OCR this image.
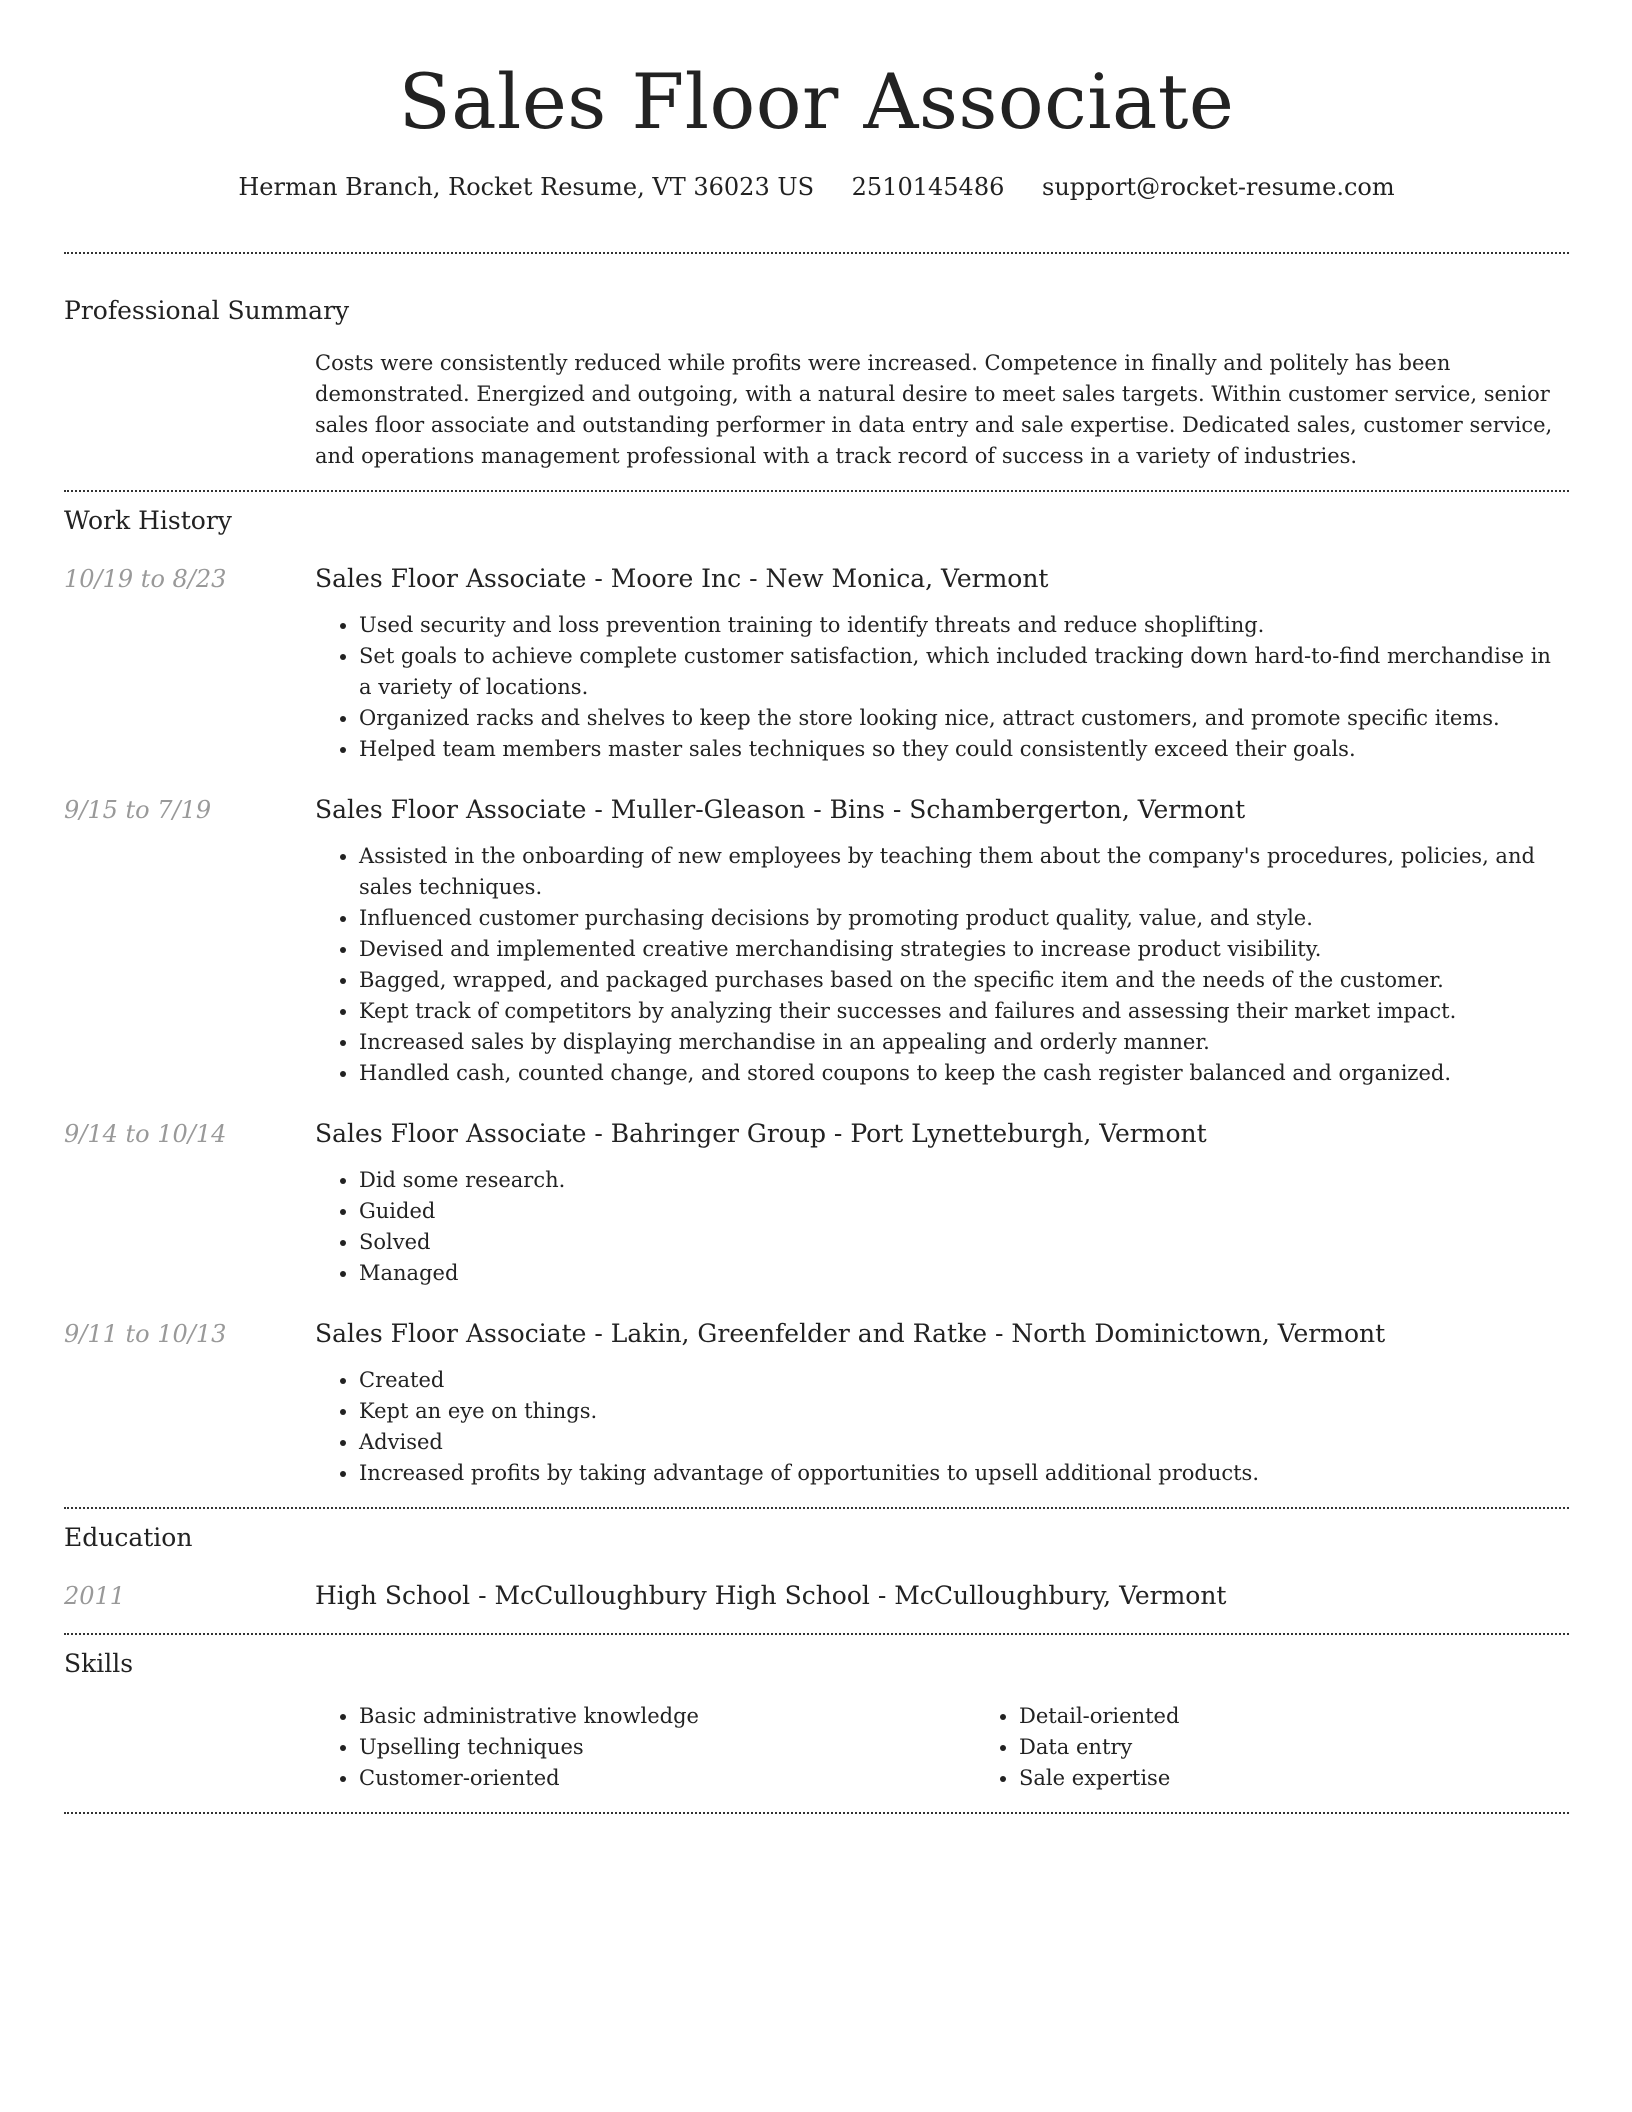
Sales Floor Associate
Herman Branch, Rocket Resume, VT 36023 US 2510145486 support@rocket-resume.com
Professional Summary

Costs were consistently reduced while profits were increased. Competence in finally and politely has been demonstrated. Energized and outgoing, with a natural desire to meet sales targets. Within customer service, senior sales floor associate and outstanding performer in data entry and sale expertise. Dedicated sales, customer service, and operations management professional with a track record of success in a variety of industries.

Work History
10/19 to 8/23	Sales Floor Associate - Moore Inc - New Monica, Vermont
• Used security and loss prevention training to identify threats and reduce shoplifting.
• Set goals to achieve complete customer satisfaction, which included tracking down hard-to-find merchandise in a variety of locations.
• Organized racks and shelves to keep the store looking nice, attract customers, and promote specific items.
• Helped team members master sales techniques so they could consistently exceed their goals.
9/15 to 7/19	Sales Floor Associate - Muller-Gleason - Bins - Schambergerton, Vermont
• Assisted in the onboarding of new employees by teaching them about the company's procedures, policies, and sales techniques.
• Influenced customer purchasing decisions by promoting product quality, value, and style.
• Devised and implemented creative merchandising strategies to increase product visibility.
• Bagged, wrapped, and packaged purchases based on the specific item and the needs of the customer.
• Kept track of competitors by analyzing their successes and failures and assessing their market impact.
• Increased sales by displaying merchandise in an appealing and orderly manner.
• Handled cash, counted change, and stored coupons to keep the cash register balanced and organized.
9/14 to 10/14	Sales Floor Associate - Bahringer Group - Port Lynetteburgh, Vermont
• Did some research.
• Guided
• Solved
• Managed
9/11 to 10/13	Sales Floor Associate - Lakin, Greenfelder and Ratke - North Dominictown, Vermont
• Created
• Kept an eye on things.
• Advised
• Increased profits by taking advantage of opportunities to upsell additional products.
Education
2011	High School - McCulloughbury High School - McCulloughbury, Vermont
Skills
• Basic administrative knowledge
• Upselling techniques
• Customer-oriented
• Detail-oriented
• Data entry
• Sale expertise
